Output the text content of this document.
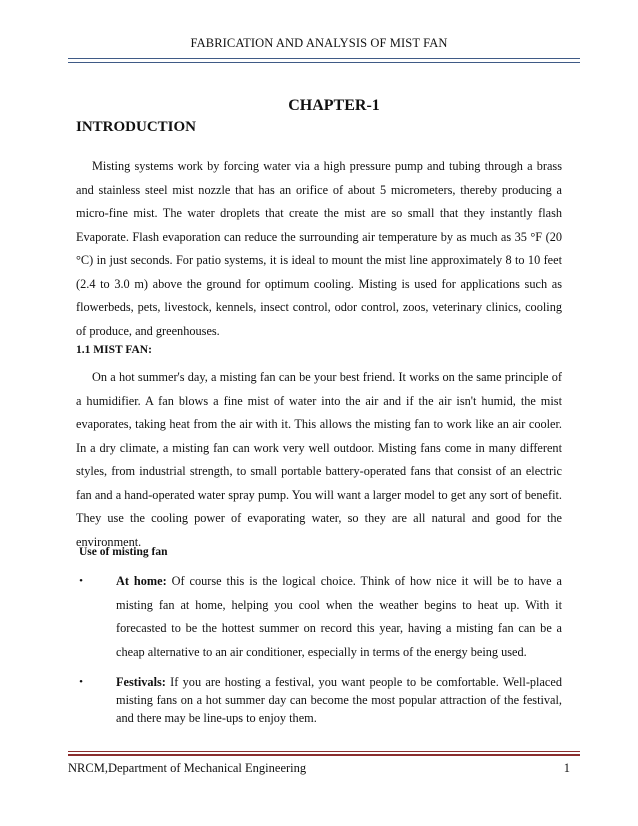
FABRICATION AND ANALYSIS OF MIST FAN
CHAPTER-1
INTRODUCTION

Misting systems work by forcing water via a high pressure pump and tubing through a brass and stainless steel mist nozzle that has an orifice of about 5 micrometers, thereby producing a micro-fine mist. The water droplets that create the mist are so small that they instantly flash Evaporate. Flash evaporation can reduce the surrounding air temperature by as much as 35 °F (20 °C) in just seconds. For patio systems, it is ideal to mount the mist line approximately 8 to 10 feet (2.4 to 3.0 m) above the ground for optimum cooling. Misting is used for applications such as flowerbeds, pets, livestock, kennels, insect control, odor control, zoos, veterinary clinics, cooling of produce, and greenhouses.

1.1 MIST FAN:

On a hot summer's day, a misting fan can be your best friend. It works on the same principle of a humidifier. A fan blows a fine mist of water into the air and if the air isn't humid, the mist evaporates, taking heat from the air with it. This allows the misting fan to work like an air cooler. In a dry climate, a misting fan can work very well outdoor. Misting fans come in many different styles, from industrial strength, to small portable battery-operated fans that consist of an electric fan and a hand-operated water spray pump. You will want a larger model to get any sort of benefit. They use the cooling power of evaporating water, so they are all natural and good for the environment.

Use of misting fan
•	At home: Of course this is the logical choice. Think of how nice it will be to have a misting fan at home, helping you cool when the weather begins to heat up. With it forecasted to be the hottest summer on record this year, having a misting fan can be a cheap alternative to an air conditioner, especially in terms of the energy being used.
•	Festivals: If you are hosting a festival, you want people to be comfortable. Well-placed misting fans on a hot summer day can become the most popular attraction of the festival, and there may be line-ups to enjoy them.
NRCM,Department of Mechanical Engineering	1
